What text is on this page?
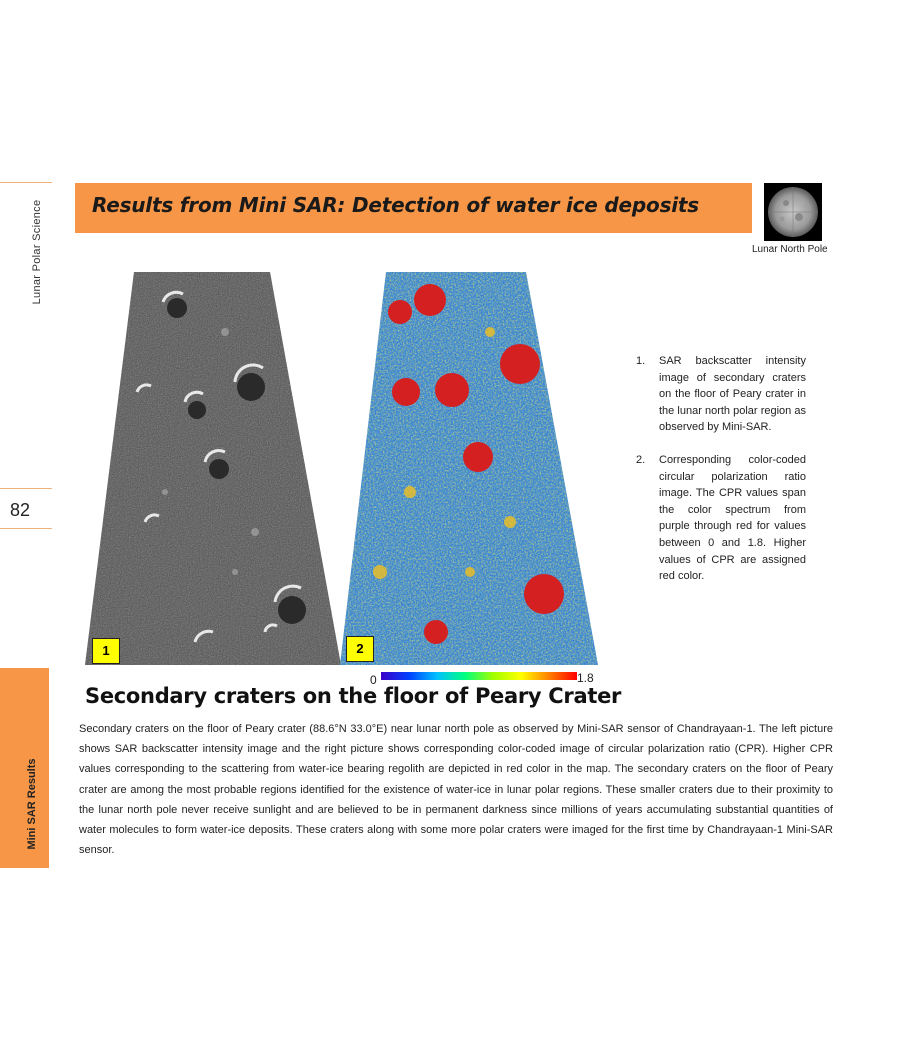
Lunar Polar Science
82
Mini SAR Results
Results from Mini SAR: Detection of water ice deposits
Lunar North Pole
1	2
0	1.8
1. SAR backscatter intensity image of secondary craters on the floor of Peary crater in the lunar north polar region as observed by Mini-SAR.
2. Corresponding color-coded circular polarization ratio image. The CPR values span the color spectrum from purple through red for values between 0 and 1.8. Higher values of CPR are assigned red color.
Secondary craters on the floor of Peary Crater

Secondary craters on the floor of Peary crater (88.6°N 33.0°E) near lunar north pole as observed by Mini-SAR sensor of Chandrayaan-1. The left picture shows SAR backscatter intensity image and the right picture shows corresponding color-coded image of circular polarization ratio (CPR). Higher CPR values corresponding to the scattering from water-ice bearing regolith are depicted in red color in the map. The secondary craters on the floor of Peary crater are among the most probable regions identified for the existence of water-ice in lunar polar regions. These smaller craters due to their proximity to the lunar north pole never receive sunlight and are believed to be in permanent darkness since millions of years accumulating substantial quantities of water molecules to form water-ice deposits. These craters along with some more polar craters were imaged for the first time by Chandrayaan-1 Mini-SAR sensor.
